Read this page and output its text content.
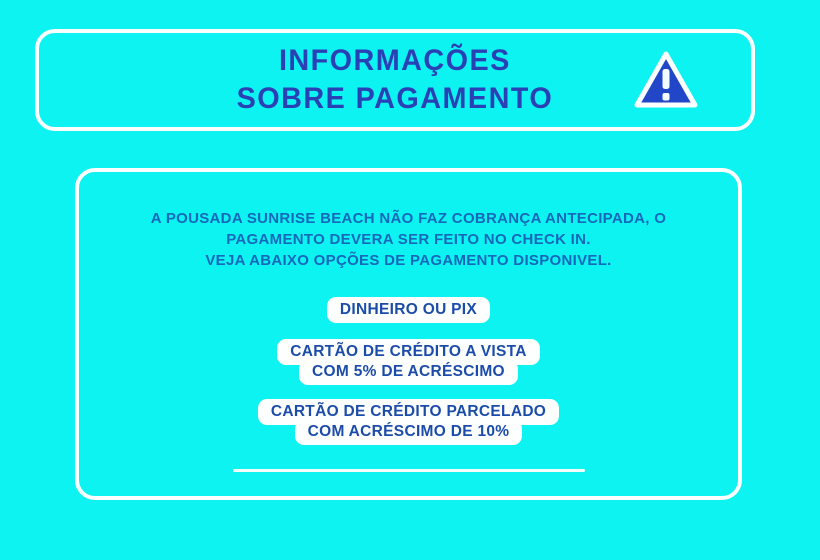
INFORMAÇÕES
SOBRE PAGAMENTO
A POUSADA SUNRISE BEACH NÃO FAZ COBRANÇA ANTECIPADA, O
PAGAMENTO DEVERA SER FEITO NO CHECK IN.
VEJA ABAIXO OPÇÕES DE PAGAMENTO DISPONIVEL.
DINHEIRO OU PIX
CARTÃO DE CRÉDITO A VISTA
COM 5% DE ACRÉSCIMO
CARTÃO DE CRÉDITO PARCELADO
COM ACRÉSCIMO DE 10%
